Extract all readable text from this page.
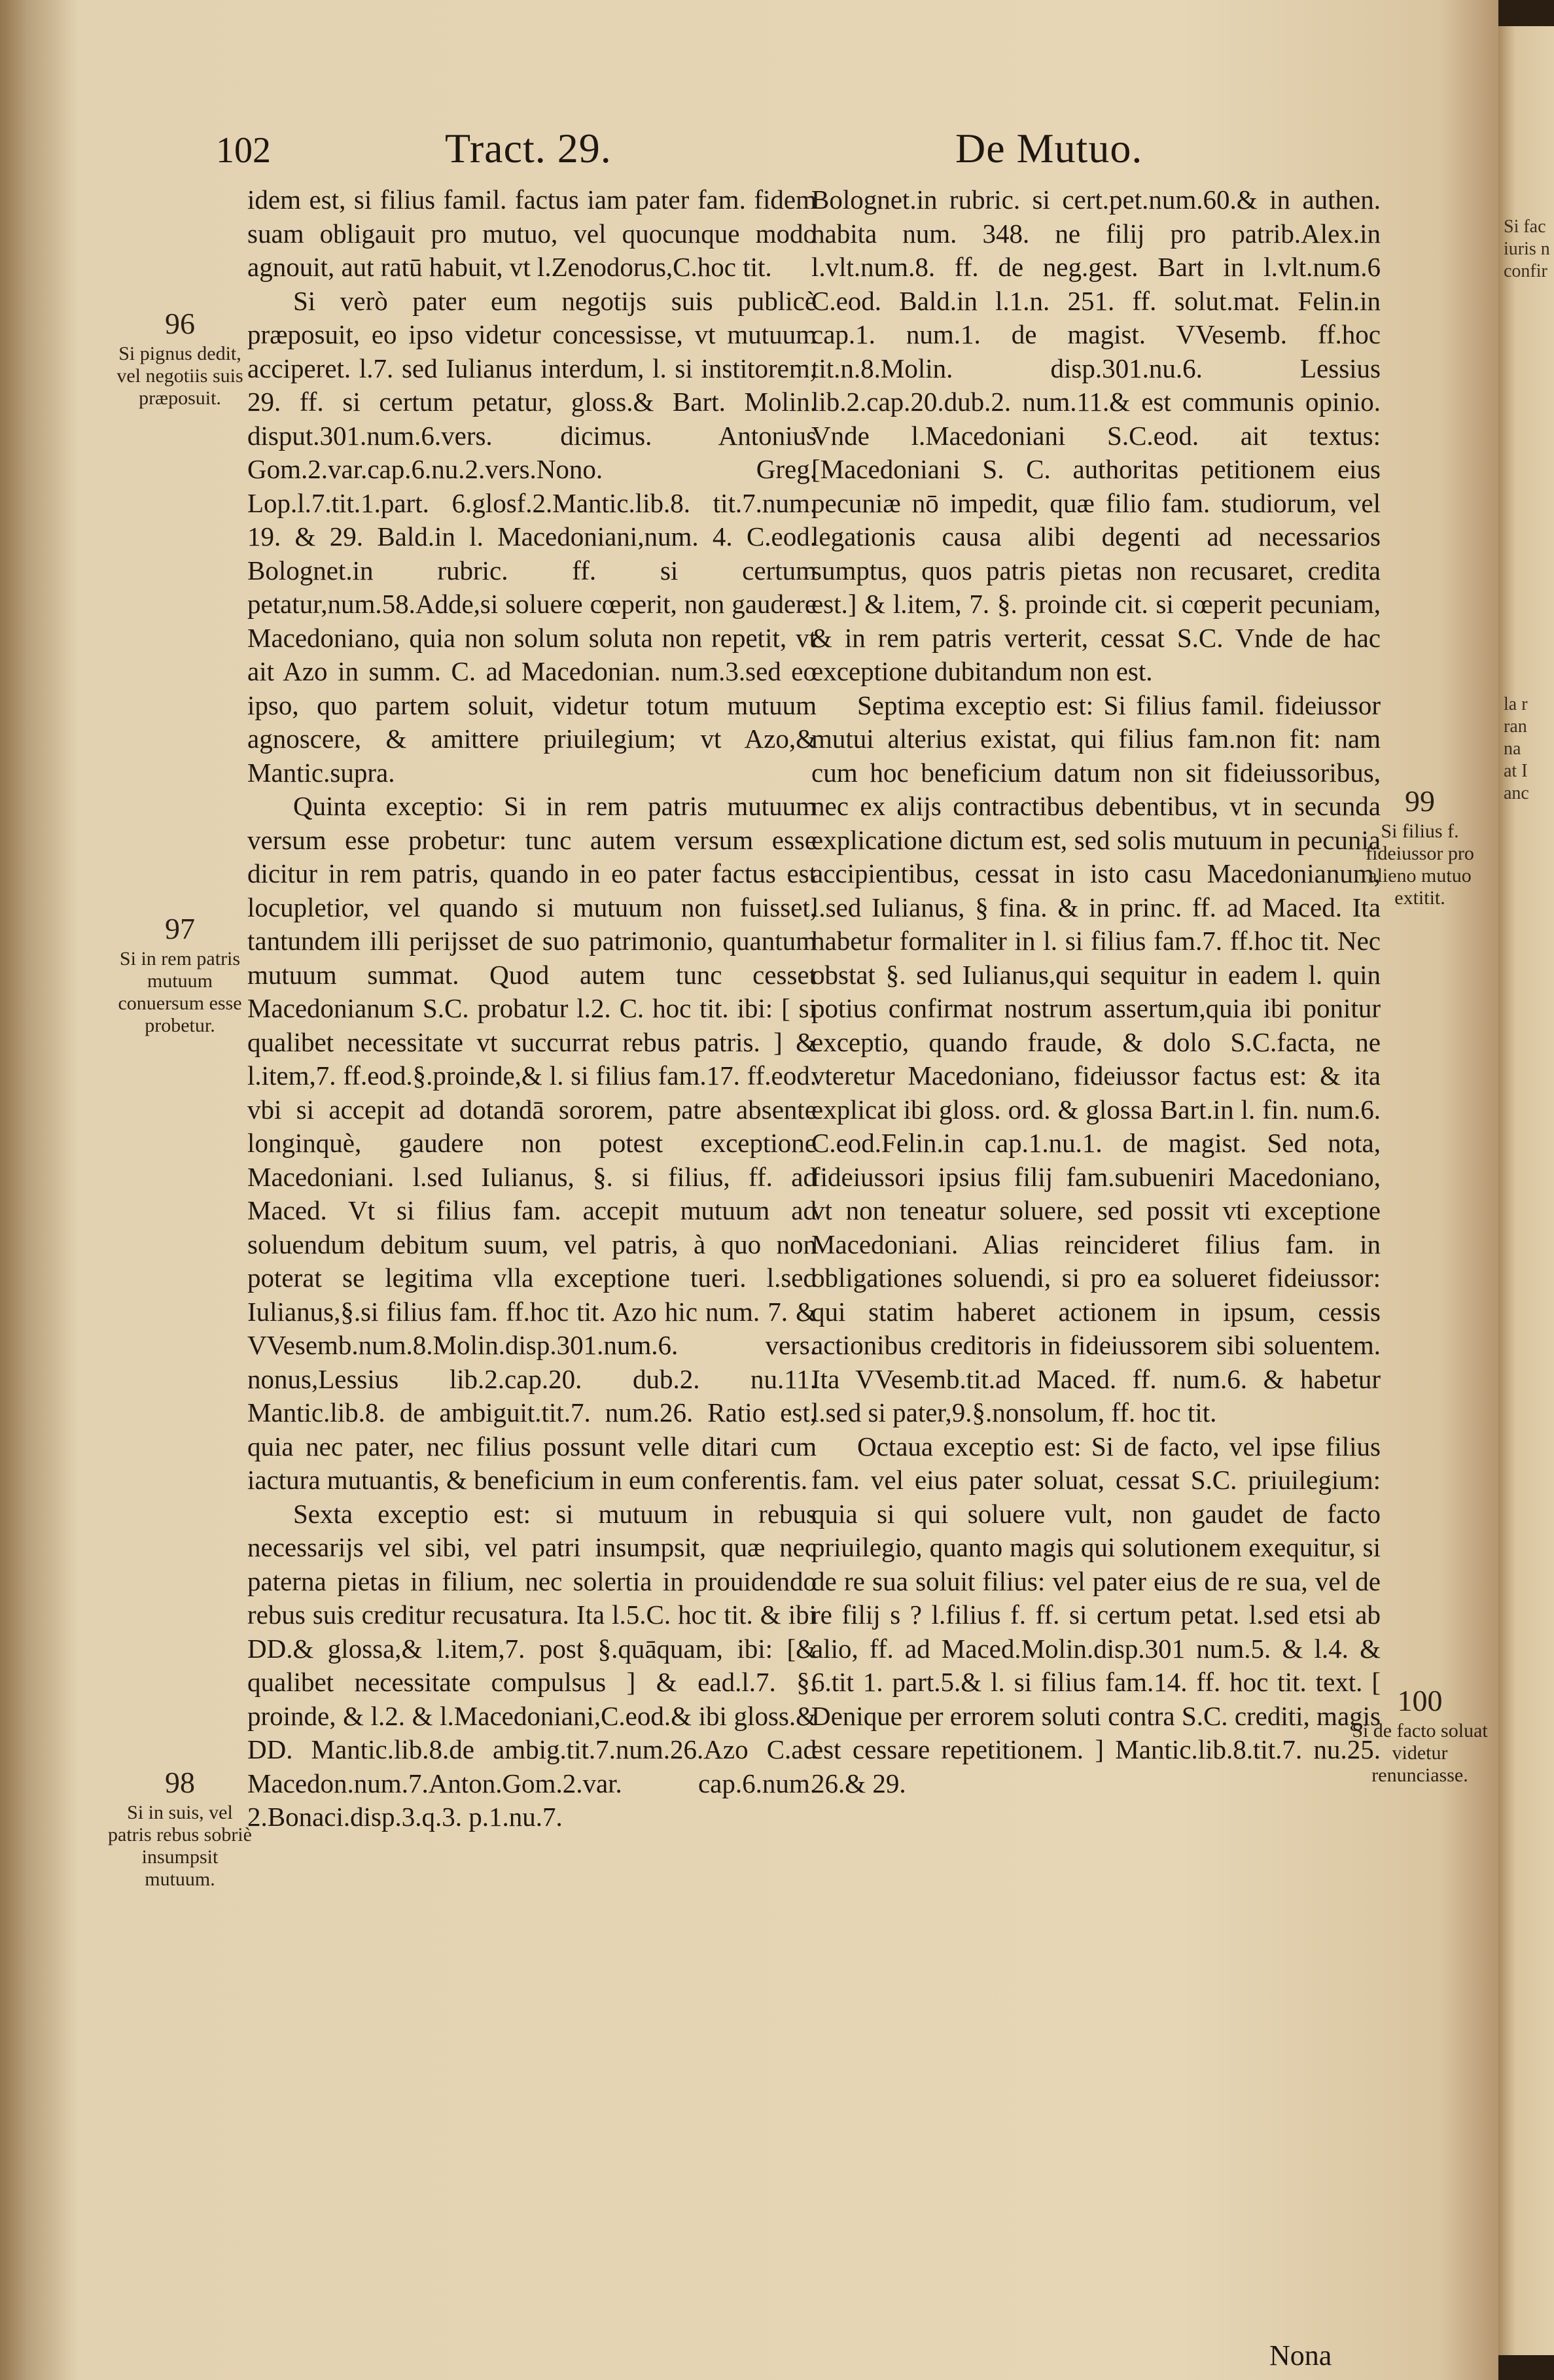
102	Tract. 29.	De Mutuo.

idem est, si filius famil. factus iam pater fam. fidem suam obligauit pro mutuo, vel quocunque modo agnouit, aut ratū habuit, vt l.Zenodorus,C.hoc tit.

Si verò pater eum negotijs suis publicè præposuit, eo ipso videtur concessisse, vt mutuum acciperet. l.7. sed Iulianus interdum, l. si institorem, 29. ff. si certum petatur, gloss.& Bart. Molin. disput.301.num.6.vers. dicimus. Antonius Gom.2.var.cap.6.nu.2.vers.Nono. Greg. Lop.l.7.tit.1.part. 6.glosf.2.Mantic.lib.8. tit.7.num. 19. & 29. Bald.in l. Macedoniani,num. 4. C.eod. Bolognet.in rubric. ff. si certum petatur,num.58.Adde,si soluere cœperit, non gaudere Macedoniano, quia non solum soluta non repetit, vt ait Azo in summ. C. ad Macedonian. num.3.sed eo ipso, quo partem soluit, videtur totum mutuum agnoscere, & amittere priuilegium; vt Azo,& Mantic.supra.

Quinta exceptio: Si in rem patris mutuum versum esse probetur: tunc autem versum esse dicitur in rem patris, quando in eo pater factus est locupletior, vel quando si mutuum non fuisset, tantundem illi perijsset de suo patrimonio, quantum mutuum summat. Quod autem tunc cesset Macedonianum S.C. probatur l.2. C. hoc tit. ibi: [ si qualibet necessitate vt succurrat rebus patris. ] & l.item,7. ff.eod.§.proinde,& l. si filius fam.17. ff.eod. vbi si accepit ad dotandā sororem, patre absente longinquè, gaudere non potest exceptione Macedoniani. l.sed Iulianus, §. si filius, ff. ad Maced. Vt si filius fam. accepit mutuum ad soluendum debitum suum, vel patris, à quo non poterat se legitima vlla exceptione tueri. l.sed Iulianus,§.si filius fam. ff.hoc tit. Azo hic num. 7. & VVesemb.num.8.Molin.disp.301.num.6. vers. nonus,Lessius lib.2.cap.20. dub.2. nu.11. Mantic.lib.8. de ambiguit.tit.7. num.26. Ratio est, quia nec pater, nec filius possunt velle ditari cum iactura mutuantis, & beneficium in eum conferentis.

Sexta exceptio est: si mutuum in rebus necessarijs vel sibi, vel patri insumpsit, quæ nec paterna pietas in filium, nec solertia in prouidendo rebus suis creditur recusatura. Ita l.5.C. hoc tit. & ibi DD.& glossa,& l.item,7. post §.quāquam, ibi: [& qualibet necessitate compulsus ] & ead.l.7. §. proinde, & l.2. & l.Macedoniani,C.eod.& ibi gloss.& DD. Mantic.lib.8.de ambig.tit.7.num.26.Azo C.ad Macedon.num.7.Anton.Gom.2.var. cap.6.num. 2.Bonaci.disp.3.q.3. p.1.nu.7.

Bolognet.in rubric. si cert.pet.num.60.& in authen. habita num. 348. ne filij pro patrib.Alex.in l.vlt.num.8. ff. de neg.gest. Bart in l.vlt.num.6 C.eod. Bald.in l.1.n. 251. ff. solut.mat. Felin.in cap.1. num.1. de magist. VVesemb. ff.hoc tit.n.8.Molin. disp.301.nu.6. Lessius lib.2.cap.20.dub.2. num.11.& est communis opinio. Vnde l.Macedoniani S.C.eod. ait textus: [Macedoniani S. C. authoritas petitionem eius pecuniæ nō impedit, quæ filio fam. studiorum, vel legationis causa alibi degenti ad necessarios sumptus, quos patris pietas non recusaret, credita est.] & l.item, 7. §. proinde cit. si cœperit pecuniam, & in rem patris verterit, cessat S.C. Vnde de hac exceptione dubitandum non est.

Septima exceptio est: Si filius famil. fideiussor mutui alterius existat, qui filius fam.non fit: nam cum hoc beneficium datum non sit fideiussoribus, nec ex alijs contractibus debentibus, vt in secunda explicatione dictum est, sed solis mutuum in pecunia accipientibus, cessat in isto casu Macedonianum, l.sed Iulianus, § fina. & in princ. ff. ad Maced. Ita habetur formaliter in l. si filius fam.7. ff.hoc tit. Nec obstat §. sed Iulianus,qui sequitur in eadem l. quin potius confirmat nostrum assertum,quia ibi ponitur exceptio, quando fraude, & dolo S.C.facta, ne vteretur Macedoniano, fideiussor factus est: & ita explicat ibi gloss. ord. & glossa Bart.in l. fin. num.6. C.eod.Felin.in cap.1.nu.1. de magist. Sed nota, fideiussori ipsius filij fam.subueniri Macedoniano, vt non teneatur soluere, sed possit vti exceptione Macedoniani. Alias reincideret filius fam. in obligationes soluendi, si pro ea solueret fideiussor: qui statim haberet actionem in ipsum, cessis actionibus creditoris in fideiussorem sibi soluentem. Ita VVesemb.tit.ad Maced. ff. num.6. & habetur l.sed si pater,9.§.nonsolum, ff. hoc tit.

Octaua exceptio est: Si de facto, vel ipse filius fam. vel eius pater soluat, cessat S.C. priuilegium: quia si qui soluere vult, non gaudet de facto priuilegio, quanto magis qui solutionem exequitur, si de re sua soluit filius: vel pater eius de re sua, vel de re filij s ? l.filius f. ff. si certum petat. l.sed etsi ab alio, ff. ad Maced.Molin.disp.301 num.5. & l.4. & 6.tit 1. part.5.& l. si filius fam.14. ff. hoc tit. text. [ Denique per errorem soluti contra S.C. crediti, magis est cessare repetitionem. ] Mantic.lib.8.tit.7. nu.25. 26.& 29.

96
Si pignus dedit, vel negotiis suis præposuit.
97
Si in rem patris mutuum conuersum esse probetur.
98
Si in suis, vel patris rebus sobriè insumpsit mutuum.
99
Si filius f. fideiussor pro alieno mutuo extitit.
100
Si de facto soluat videtur renunciasse.
Nona
Si fac
iuris n
confir
la r
ran
na
at I
anc
